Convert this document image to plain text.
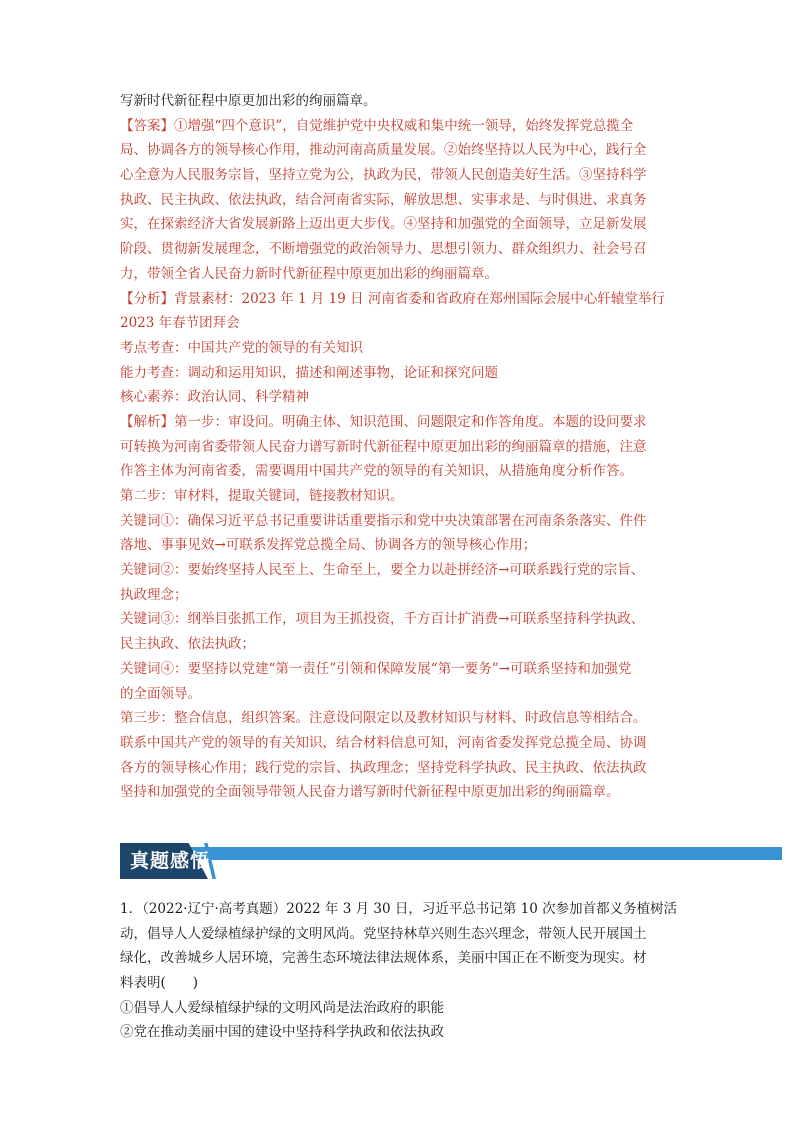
写新时代新征程中原更加出彩的绚丽篇章。
【答案】①增强“四个意识”，自觉维护党中央权威和集中统一领导，始终发挥党总揽全
局、协调各方的领导核心作用，推动河南高质量发展。②始终坚持以人民为中心，践行全
心全意为人民服务宗旨，坚持立党为公，执政为民，带领人民创造美好生活。③坚持科学
执政、民主执政、依法执政，结合河南省实际，解放思想、实事求是、与时俱进、求真务
实，在探索经济大省发展新路上迈出更大步伐。④坚持和加强党的全面领导，立足新发展
阶段、贯彻新发展理念，不断增强党的政治领导力、思想引领力、群众组织力、社会号召
力，带领全省人民奋力新时代新征程中原更加出彩的绚丽篇章。
【分析】背景素材：2023 年 1 月 19 日 河南省委和省政府在郑州国际会展中心轩辕堂举行
2023 年春节团拜会
考点考查：中国共产党的领导的有关知识
能力考查：调动和运用知识，描述和阐述事物，论证和探究问题
核心素养：政治认同、科学精神
【解析】第一步：审设问。明确主体、知识范围、问题限定和作答角度。本题的设问要求
可转换为河南省委带领人民奋力谱写新时代新征程中原更加出彩的绚丽篇章的措施，注意
作答主体为河南省委，需要调用中国共产党的领导的有关知识，从措施角度分析作答。
第二步：审材料，提取关键词，链接教材知识。
关键词①：确保习近平总书记重要讲话重要指示和党中央决策部署在河南条条落实、件件
落地、事事见效→可联系发挥党总揽全局、协调各方的领导核心作用；
关键词②：要始终坚持人民至上、生命至上，要全力以赴拼经济→可联系践行党的宗旨、
执政理念；
关键词③：纲举目张抓工作，项目为王抓投资，千方百计扩消费→可联系坚持科学执政、
民主执政、依法执政；
关键词④：要坚持以党建“第一责任”引领和保障发展“第一要务”→可联系坚持和加强党
的全面领导。
第三步：整合信息，组织答案。注意设问限定以及教材知识与材料、时政信息等相结合。
联系中国共产党的领导的有关知识，结合材料信息可知，河南省委发挥党总揽全局、协调
各方的领导核心作用；践行党的宗旨、执政理念；坚持党科学执政、民主执政、依法执政
坚持和加强党的全面领导带领人民奋力谱写新时代新征程中原更加出彩的绚丽篇章。
真题感悟
1．（2022·辽宁·高考真题）2022 年 3 月 30 日，习近平总书记第 10 次参加首都义务植树活
动，倡导人人爱绿植绿护绿的文明风尚。党坚持林草兴则生态兴理念，带领人民开展国土
绿化，改善城乡人居环境，完善生态环境法律法规体系，美丽中国正在不断变为现实。材
料表明(　　)
①倡导人人爱绿植绿护绿的文明风尚是法治政府的职能
②党在推动美丽中国的建设中坚持科学执政和依法执政
